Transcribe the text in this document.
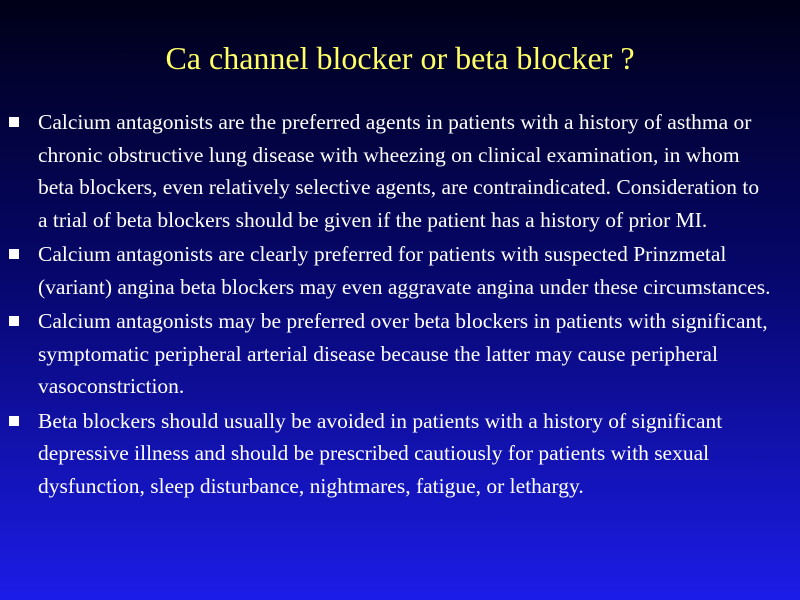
Ca channel blocker or beta blocker ?
Calcium antagonists are the preferred agents in patients with a history of asthma or chronic obstructive lung disease with wheezing on clinical examination, in whom beta blockers, even relatively selective agents, are contraindicated. Consideration to a trial of beta blockers should be given if the patient has a history of prior MI.
Calcium antagonists are clearly preferred for patients with suspected Prinzmetal (variant) angina beta blockers may even aggravate angina under these circumstances.
Calcium antagonists may be preferred over beta blockers in patients with significant, symptomatic peripheral arterial disease because the latter may cause peripheral vasoconstriction.
Beta blockers should usually be avoided in patients with a history of significant depressive illness and should be prescribed cautiously for patients with sexual dysfunction, sleep disturbance, nightmares, fatigue, or lethargy.
